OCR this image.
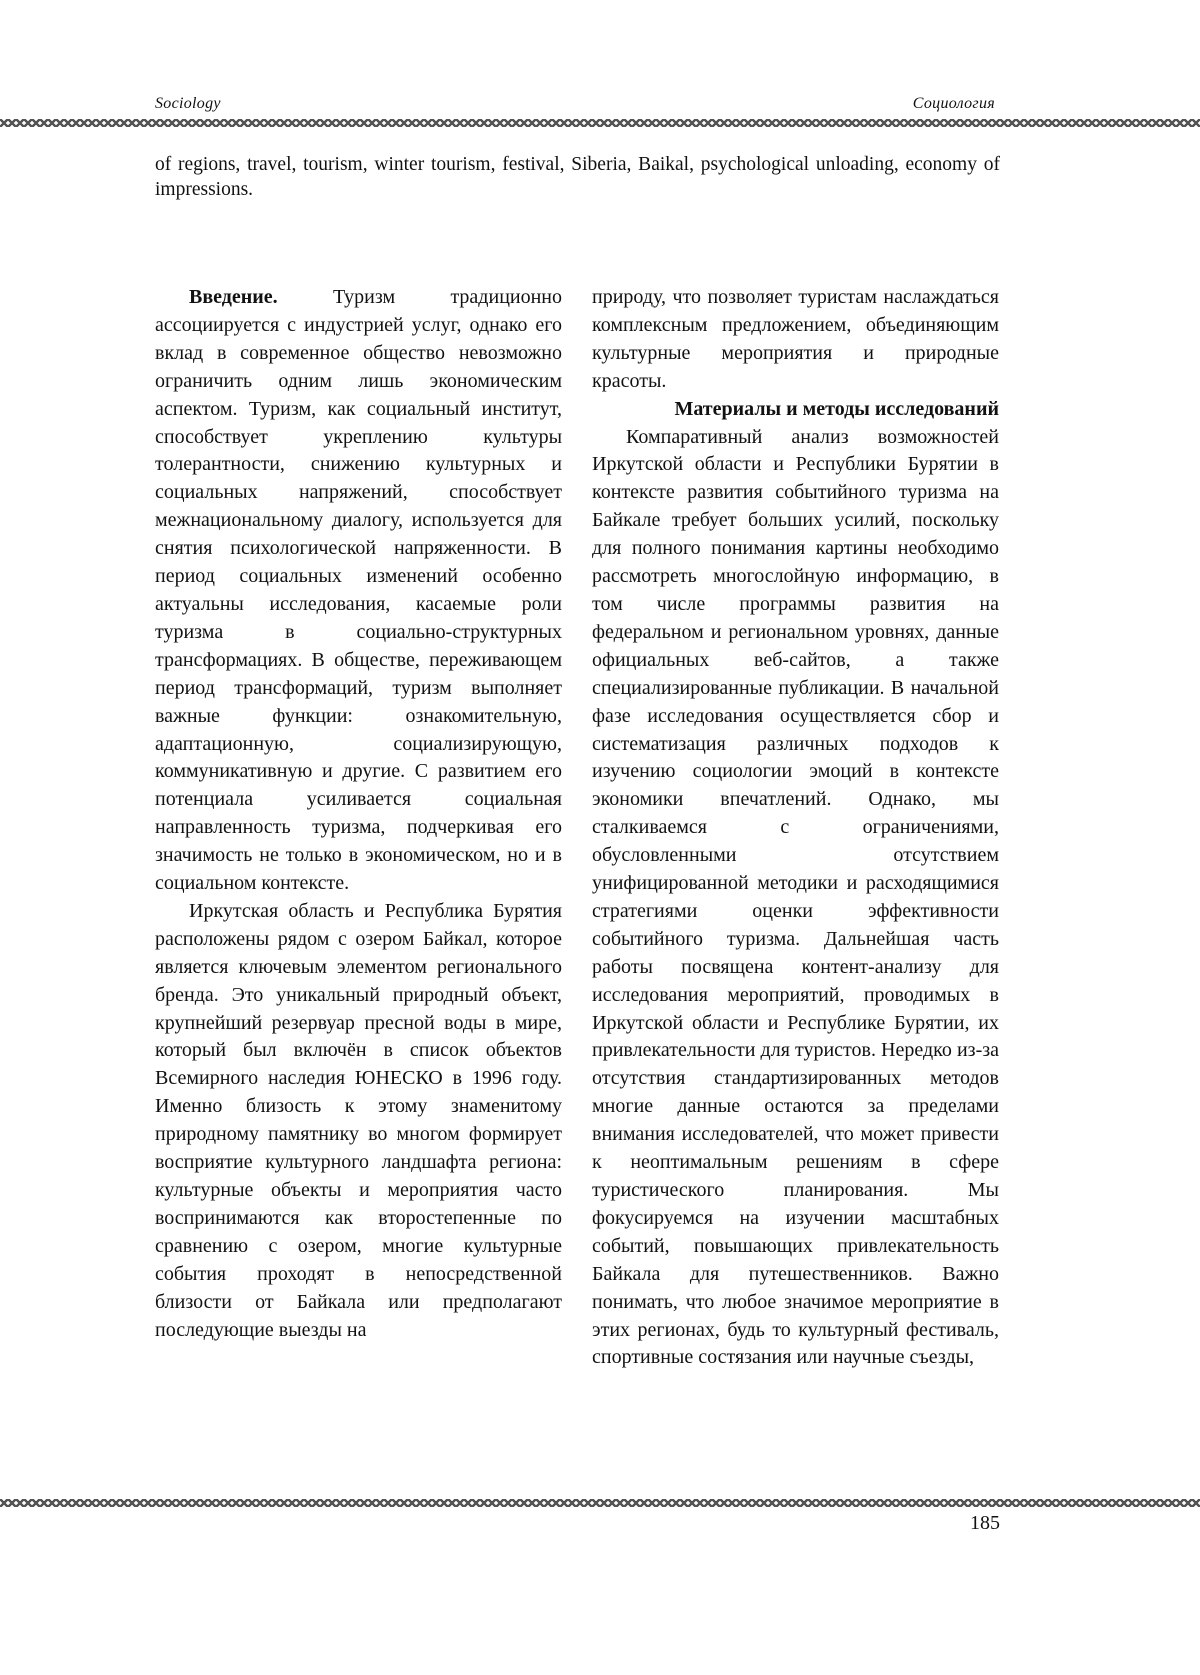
Sociology	Социология
of regions, travel, tourism, winter tourism, festival, Siberia, Baikal, psychological unloading, economy of impressions.

Введение. Туризм традиционно ассоциируется с индустрией услуг, однако его вклад в современное общество невозможно ограничить одним лишь экономическим аспектом. Туризм, как социальный институт, способствует укреплению культуры толерантности, снижению культурных и социальных напряжений, способствует межнациональному диалогу, используется для снятия психологической напряженности. В период социальных изменений особенно актуальны исследования, касаемые роли туризма в социально-структурных трансформациях. В обществе, переживающем период трансформаций, туризм выполняет важные функции: ознакомительную, адаптационную, социализирующую, коммуникативную и другие. С развитием его потенциала усиливается социальная направленность туризма, подчеркивая его значимость не только в экономическом, но и в социальном контексте.

Иркутская область и Республика Бурятия расположены рядом с озером Байкал, которое является ключевым элементом регионального бренда. Это уникальный природный объект, крупнейший резервуар пресной воды в мире, который был включён в список объектов Всемирного наследия ЮНЕСКО в 1996 году. Именно близость к этому знаменитому природному памятнику во многом формирует восприятие культурного ландшафта региона: культурные объекты и мероприятия часто воспринимаются как второстепенные по сравнению с озером, многие культурные события проходят в непосредственной близости от Байкала или предполагают последующие выезды на

природу, что позволяет туристам наслаждаться комплексным предложением, объединяющим культурные мероприятия и природные красоты.

Материалы и методы исследований

Компаративный анализ возможностей Иркутской области и Республики Бурятии в контексте развития событийного туризма на Байкале требует больших усилий, поскольку для полного понимания картины необходимо рассмотреть многослойную информацию, в том числе программы развития на федеральном и региональном уровнях, данные официальных веб-сайтов, а также специализированные публикации. В начальной фазе исследования осуществляется сбор и систематизация различных подходов к изучению социологии эмоций в контексте экономики впечатлений. Однако, мы сталкиваемся с ограничениями, обусловленными отсутствием унифицированной методики и расходящимися стратегиями оценки эффективности событийного туризма. Дальнейшая часть работы посвящена контент-анализу для исследования мероприятий, проводимых в Иркутской области и Республике Бурятии, их привлекательности для туристов. Нередко из-за отсутствия стандартизированных методов многие данные остаются за пределами внимания исследователей, что может привести к неоптимальным решениям в сфере туристического планирования. Мы фокусируемся на изучении масштабных событий, повышающих привлекательность Байкала для путешественников. Важно понимать, что любое значимое мероприятие в этих регионах, будь то культурный фестиваль, спортивные состязания или научные съезды,

185
